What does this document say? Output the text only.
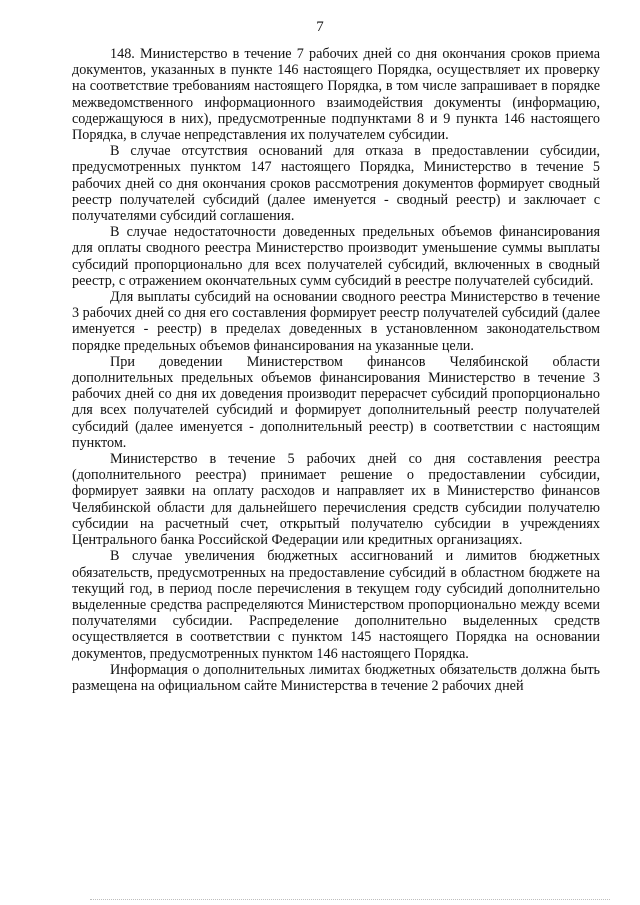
7

148. Министерство в течение 7 рабочих дней со дня окончания сроков приема документов, указанных в пункте 146 настоящего Порядка, осуществляет их проверку на соответствие требованиям настоящего Порядка, в том числе запрашивает в порядке межведомственного информационного взаимодействия документы (информацию, содержащуюся в них), предусмотренные подпунктами 8 и 9 пункта 146 настоящего Порядка, в случае непредставления их получателем субсидии.

В случае отсутствия оснований для отказа в предоставлении субсидии, предусмотренных пунктом 147 настоящего Порядка, Министерство в течение 5 рабочих дней со дня окончания сроков рассмотрения документов формирует сводный реестр получателей субсидий (далее именуется - сводный реестр) и заключает с получателями субсидий соглашения.

В случае недостаточности доведенных предельных объемов финансирования для оплаты сводного реестра Министерство производит уменьшение суммы выплаты субсидий пропорционально для всех получателей субсидий, включенных в сводный реестр, с отражением окончательных сумм субсидий в реестре получателей субсидий.

Для выплаты субсидий на основании сводного реестра Министерство в течение 3 рабочих дней со дня его составления формирует реестр получателей субсидий (далее именуется - реестр) в пределах доведенных в установленном законодательством порядке предельных объемов финансирования на указанные цели.

При доведении Министерством финансов Челябинской области дополнительных предельных объемов финансирования Министерство в течение 3 рабочих дней со дня их доведения производит перерасчет субсидий пропорционально для всех получателей субсидий и формирует дополнительный реестр получателей субсидий (далее именуется - дополнительный реестр) в соответствии с настоящим пунктом.

Министерство в течение 5 рабочих дней со дня составления реестра (дополнительного реестра) принимает решение о предоставлении субсидии, формирует заявки на оплату расходов и направляет их в Министерство финансов Челябинской области для дальнейшего перечисления средств субсидии получателю субсидии на расчетный счет, открытый получателю субсидии в учреждениях Центрального банка Российской Федерации или кредитных организациях.

В случае увеличения бюджетных ассигнований и лимитов бюджетных обязательств, предусмотренных на предоставление субсидий в областном бюджете на текущий год, в период после перечисления в текущем году субсидий дополнительно выделенные средства распределяются Министерством пропорционально между всеми получателями субсидии. Распределение дополнительно выделенных средств осуществляется в соответствии с пунктом 145 настоящего Порядка на основании документов, предусмотренных пунктом 146 настоящего Порядка.

Информация о дополнительных лимитах бюджетных обязательств должна быть размещена на официальном сайте Министерства в течение 2 рабочих дней
